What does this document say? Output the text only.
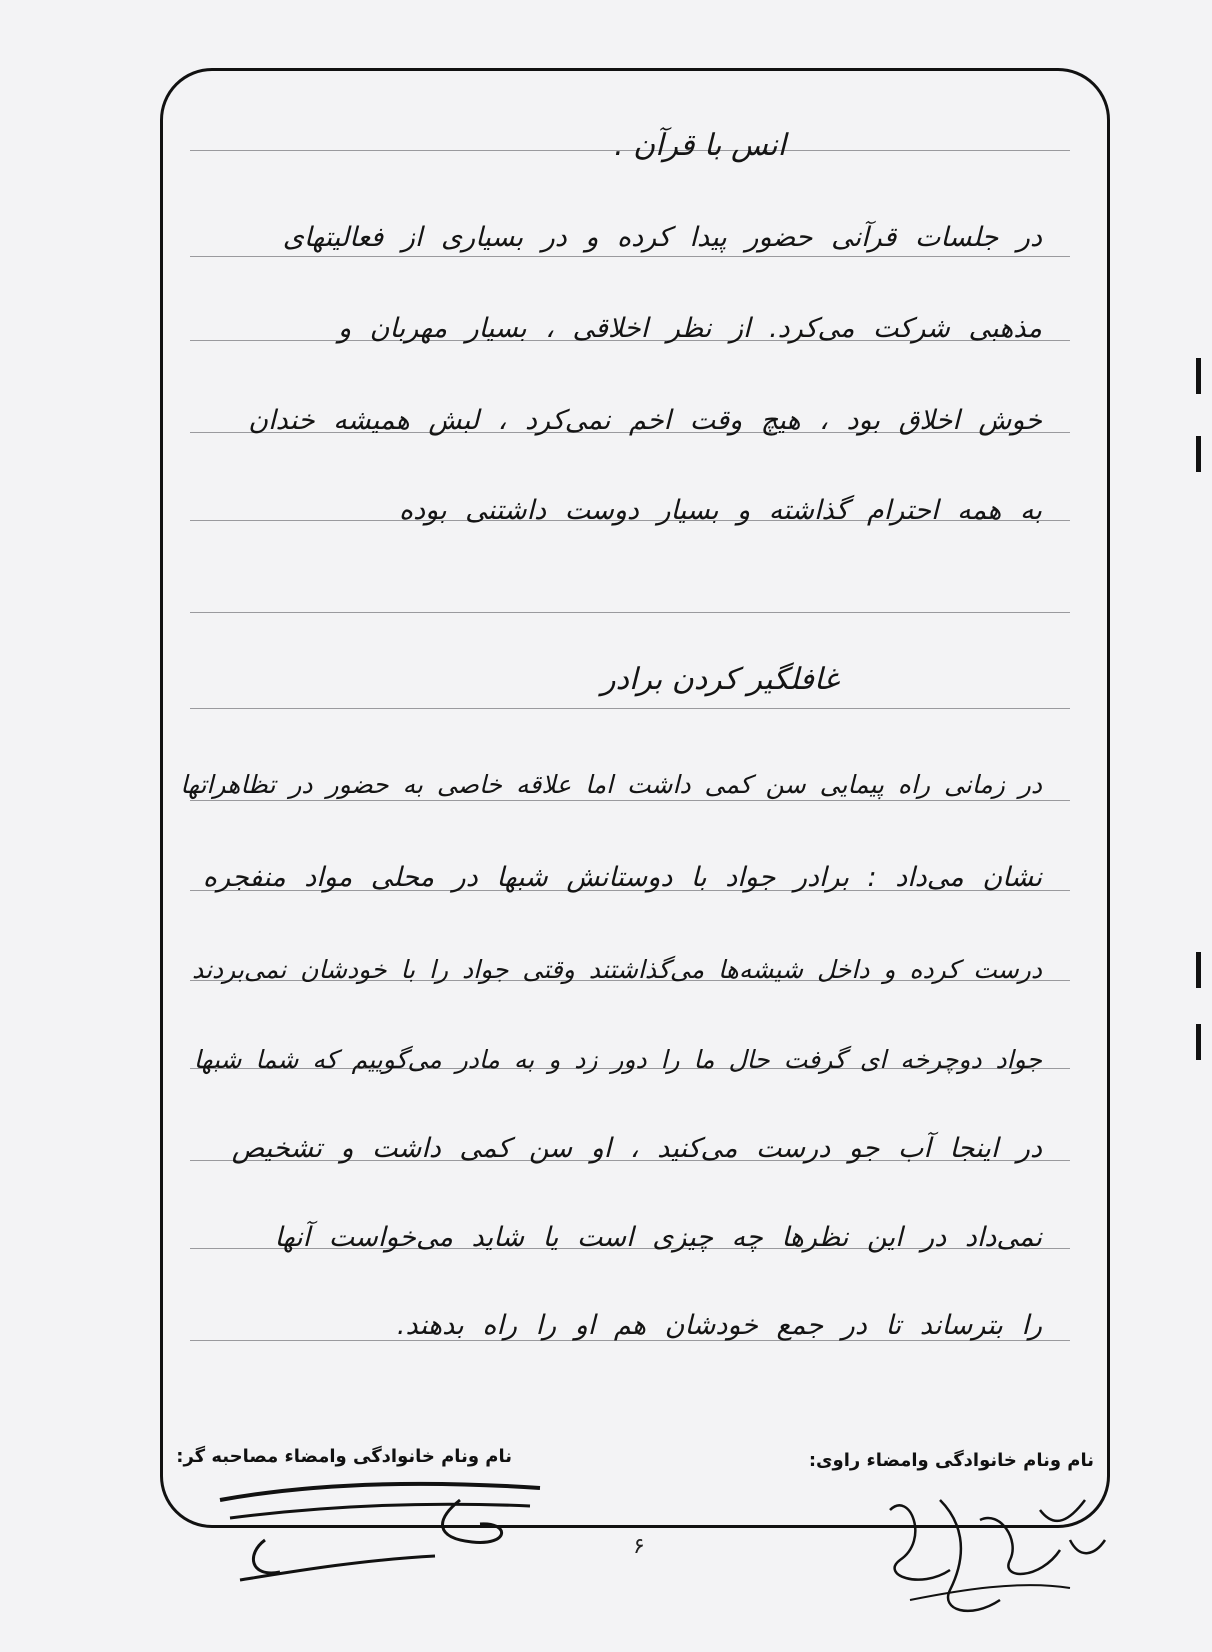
انس با قرآن .
در جلسات قرآنی حضور پیدا کرده و در بسیاری از فعالیتهای
مذهبی شرکت می‌کرد. از نظر اخلاقی ، بسیار مهربان و
خوش اخلاق بود ، هیچ وقت اخم نمی‌کرد ، لبش همیشه خندان
به همه احترام گذاشته و بسیار دوست داشتنی بوده
غافلگیر کردن برادر
در زمانی راه پیمایی سن کمی داشت اما علاقه خاصی به حضور در تظاهراتها
نشان می‌داد : برادر جواد با دوستانش شبها در محلی مواد منفجره
درست کرده و داخل شیشه‌ها می‌گذاشتند وقتی جواد را با خودشان نمی‌بردند
جواد دوچرخه ای گرفت حال ما را دور زد و به مادر می‌گوییم که شما شبها
در اینجا آب جو درست می‌کنید ، او سن کمی داشت و تشخیص
نمی‌داد در این نظرها چه چیزی است یا شاید می‌خواست آنها
را بترساند تا در جمع خودشان هم او را راه بدهند.
نام ونام خانوادگی وامضاء راوی:
نام ونام خانوادگی وامضاء مصاحبه گر:
۶
